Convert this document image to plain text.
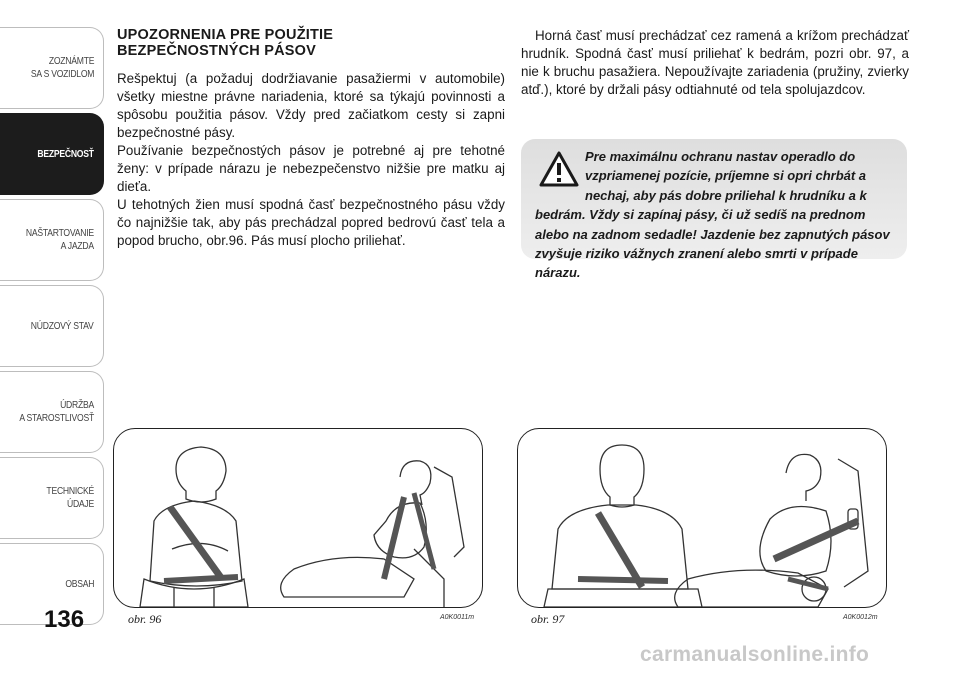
ZOZNÁMTE
SA S VOZIDLOM
BEZPEČNOSŤ
NAŠTARTOVANIE
A JAZDA
NÚDZOVÝ STAV
ÚDRŽBA
A STAROSTLIVOSŤ
TECHNICKÉ
ÚDAJE
OBSAH
136
UPOZORNENIA PRE POUŽITIE
BEZPEČNOSTNÝCH PÁSOV

Rešpektuj (a požaduj dodržiavanie pasažiermi v automobile) všetky miestne právne nariadenia, ktoré sa týkajú povinnosti a spôsobu použitia pásov. Vždy pred začiatkom cesty si zapni bezpečnostné pásy.

Používanie bezpečnostých pásov je potrebné aj pre tehotné ženy: v prípade nárazu je nebezpečenstvo nižšie pre matku aj dieťa.

U tehotných žien musí spodná časť bezpečnostného pásu vždy čo najnižšie tak, aby pás prechádzal popred bedrovú časť tela a popod brucho, obr.96. Pás musí plocho priliehať.

Horná časť musí prechádzať cez ramená a krížom prechádzať hrudník. Spodná časť musí priliehať k bedrám, pozri obr. 97, a nie k bruchu pasažiera. Nepoužívajte zariadenia (pružiny, zvierky atď.), ktoré by držali pásy odtiahnuté od tela spolujazdcov.
Pre maximálnu ochranu nastav operadlo do vzpriamenej pozície, príjemne si opri chrbát a nechaj, aby pás dobre priliehal k hrudníku a k bedrám. Vždy si zapínaj pásy, či už sedíš na prednom alebo na zadnom sedadle! Jazdenie bez zapnutých pásov zvyšuje riziko vážnych zranení alebo smrti v prípade nárazu.
obr. 96	A0K0011m	obr. 97	A0K0012m
carmanualsonline.info
